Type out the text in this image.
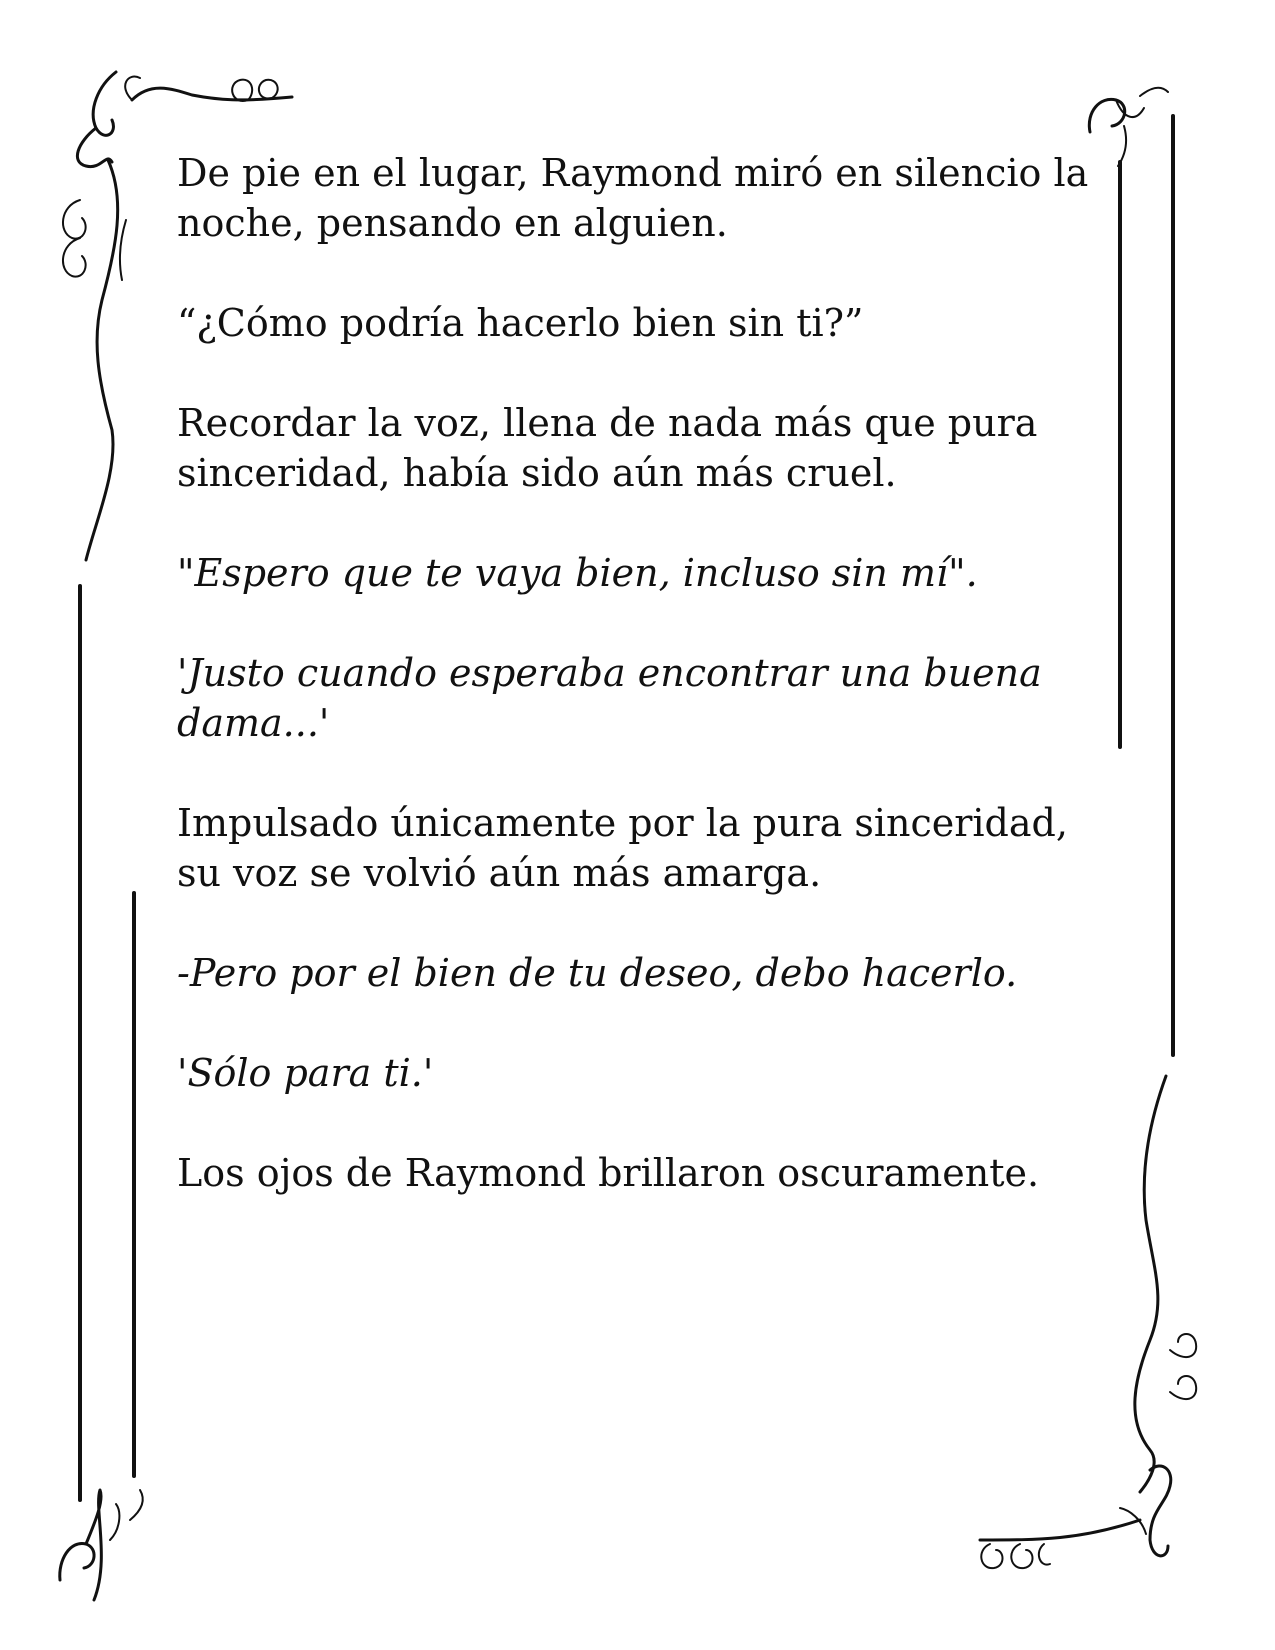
De pie en el lugar, Raymond miró en silencio la
noche, pensando en alguien.

“¿Cómo podría hacerlo bien sin ti?”

Recordar la voz, llena de nada más que pura
sinceridad, había sido aún más cruel.

"Espero que te vaya bien, incluso sin mí".

'Justo cuando esperaba encontrar una buena
dama...'

Impulsado únicamente por la pura sinceridad,
su voz se volvió aún más amarga.

-Pero por el bien de tu deseo, debo hacerlo.

'Sólo para ti.'

Los ojos de Raymond brillaron oscuramente.
